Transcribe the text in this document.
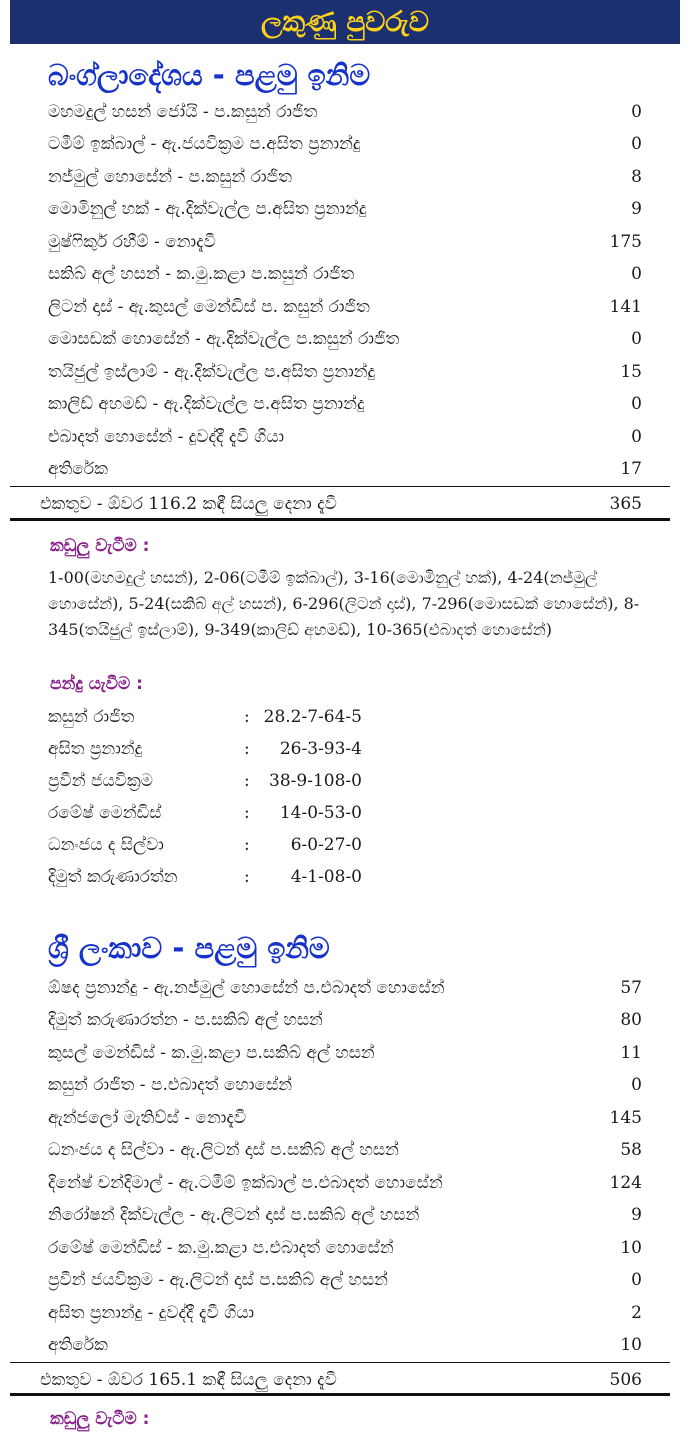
ලකුණු පුවරුව
බංග්ලාදේශය - පළමු ඉනිම
මහමදුල් හසන් ජෝයි - ප.කසුන් රාජිත	0
ටමීම් ඉක්බාල් - ඇ.ජයවික්‍රම ප.අසිත ප්‍රනාන්දු	0
නජ්මුල් හොසේන් - ප.කසුන් රාජිත	8
මොමිනුල් හක් - ඇ.දික්වැල්ල ප.අසිත ප්‍රනාන්දු	9
මුෂ්ෆිකුර් රහීම් - නොදැවී	175
සකිබ් අල් හසන් - ක.මු.කළා ප.කසුන් රාජිත	0
ලිටන් දාස් - ඇ.කුසල් මෙන්ඩිස් ප. කසුන් රාජිත	141
මොසඩක් හොසේන් - ඇ.දික්වැල්ල ප.කසුන් රාජිත	0
තයිජුල් ඉස්ලාම් - ඇ.දික්වැල්ල ප.අසිත ප්‍රනාන්දු	15
කාලිඩ් අහමඩ් - ඇ.දික්වැල්ල ප.අසිත ප්‍රනාන්දු	0
එබාදත් හොසේන් - දුවද්දී දැවී ගියා	0
අතිරේක	17
එකතුව - ඕවර 116.2 කඳී සියලු දෙනා දැවී	365
කඩුලු වැටීම :
1-00(මහමදුල් හසන්), 2-06(ටමීම් ඉක්බාල්), 3-16(මොමිනුල් හක්), 4-24(නජ්මුල් හොසේන්), 5-24(සකිබ් අල් හසන්), 6-296(ලිටන් දාස්), 7-296(මොසඩක් හොසේන්), 8-345(තයිජුල් ඉස්ලාම්), 9-349(කාලිඩ් අහමඩ්), 10-365(එබාදත් හොසේන්)
පන්දු යැවීම :
කසුන් රාජිත	: 28.2-7-64-5
අසිත ප්‍රනාන්දු	:	26-3-93-4
ප්‍රවීන් ජයවික්‍රම	:	38-9-108-0
රමේෂ් මෙන්ඩිස්	:	14-0-53-0
ධනංජය ද සිල්වා	:	6-0-27-0
දිමුත් කරුණාරත්න	:	4-1-08-0
ශ්‍රී ලංකාව - පළමු ඉනිම
ඕෂද ප්‍රනාන්දු - ඇ.නජ්මුල් හොසේන් ප.එබාදත් හොසේන්	57
දිමුත් කරුණාරත්න - ප.සකිබ් අල් හසන්	80
කුසල් මෙන්ඩිස් - ක.මු.කළා ප.සකිබ් අල් හසන්	11
කසුන් රාජිත - ප.එබාදත් හොසේන්	0
ඇන්ජලෝ මැතිව්ස් - නොදැවී	145
ධනංජය ද සිල්වා - ඇ.ලිටන් දාස් ප.සකිබ් අල් හසන්	58
දිනේෂ් චන්දිමාල් - ඇ.ටමීම් ඉක්බාල් ප.එබාදත් හොසේන්	124
නිරෝෂන් දික්වැල්ල - ඇ.ලිටන් දාස් ප.සකිබ් අල් හසන්	9
රමේෂ් මෙන්ඩිස් - ක.මු.කළා ප.එබාදත් හොසේන්	10
ප්‍රවීන් ජයවික්‍රම - ඇ.ලිටන් දාස් ප.සකිබ් අල් හසන්	0
අසිත ප්‍රනාන්දු - දුවද්දී දැවී ගියා	2
අතිරේක	10
එකතුව - ඕවර 165.1 කඳී සියලු දෙනා දැවී	506
කඩුලු වැටීම :
